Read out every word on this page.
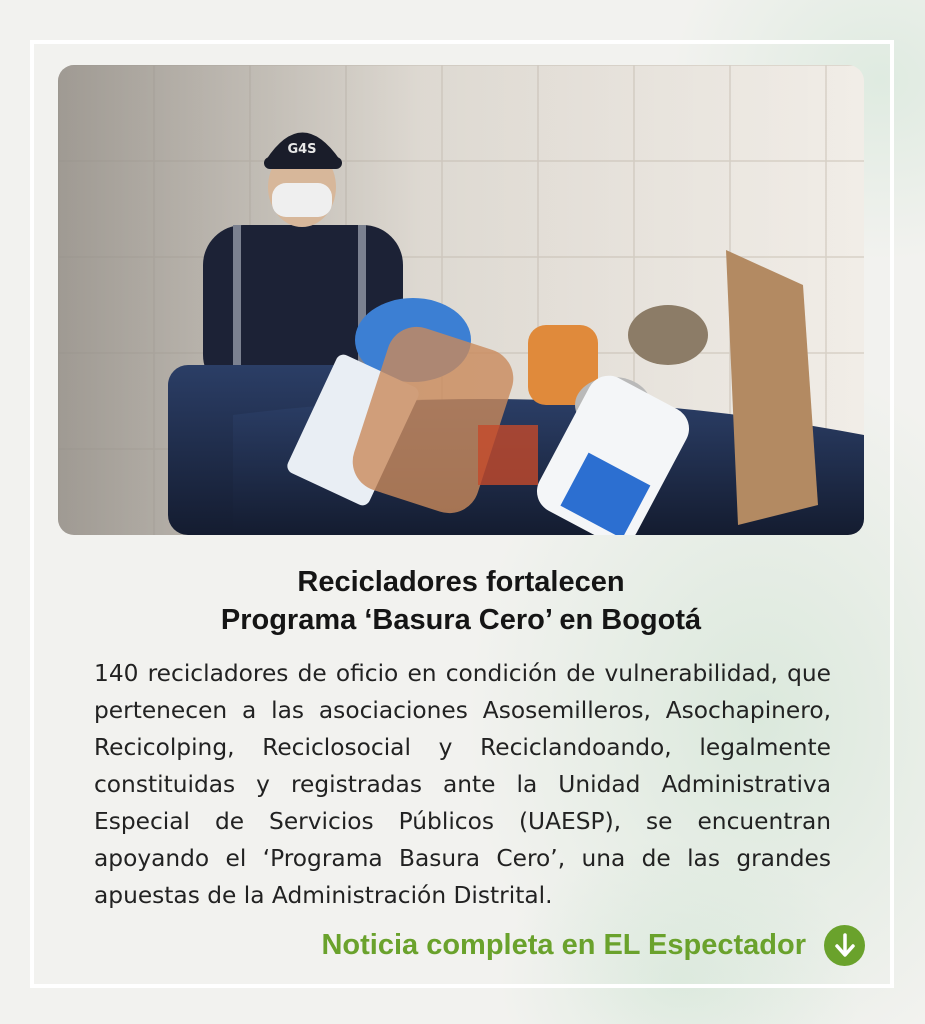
G4S
Recicladores fortalecen
Programa ‘Basura Cero’ en Bogotá

140 recicladores de oficio en condición de vulnerabilidad, que pertenecen a las asociaciones Asosemilleros, Asochapinero, Recicolping, Reciclosocial y Reciclandoando, legalmente constituidas y registradas ante la Unidad Administrativa Especial de Servicios Públicos (UAESP), se encuentran apoyando el ‘Programa Basura Cero’, una de las grandes apuestas de la Administración Distrital.

Noticia completa en EL Espectador
